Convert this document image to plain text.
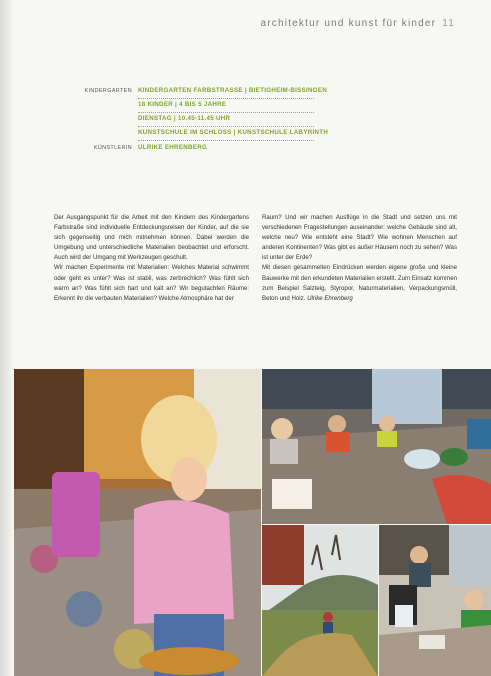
architektur und kunst für kinder 11
KINDERGARTEN KINDERGARTEN FARBSTRASSE | BIETIGHEIM-BISSINGEN
18 KINDER | 4 BIS 5 JAHRE
DIENSTAG | 10.45-11.45 UHR
KUNSTSCHULE IM SCHLOSS | KUNSTSCHULE LABYRINTH
KÜNSTLERIN ULRIKE EHRENBERG

Der Ausgangspunkt für die Arbeit mit den Kindern des Kindergartens Farbstraße sind individuelle Entdeckungsreisen der Kinder, auf die sie sich gegenseitig und mich mitnehmen können. Dabei werden die Umgebung und unterschiedliche Materialien beobachtet und erforscht. Auch wird der Umgang mit Werkzeugen geschult.

Wir machen Experimente mit Materialien: Welches Material schwimmt oder geht es unter? Was ist stabil, was zerbrechlich? Was fühlt sich warm an? Was fühlt sich hart und kalt an? Wir begutachten Räume: Erkennt ihr die verbauten Materialien? Welche Atmosphäre hat der

Raum? Und wir machen Ausflüge in die Stadt und setzen uns mit verschiedenen Fragestellungen auseinander: welche Gebäude sind alt, welche neu? Wie entsteht eine Stadt? Wie wohnen Menschen auf anderen Kontinenten? Was gibt es außer Häusern noch zu sehen? Was ist unter der Erde?

Mit diesen gesammelten Eindrücken werden eigene große und kleine Bauwerke mit den erkundeten Materialien erstellt. Zum Einsatz kommen zum Beispiel Salzteig, Styropor, Naturmaterialien, Verpackungsmüll, Beton und Holz. Ulrike Ehrenberg
